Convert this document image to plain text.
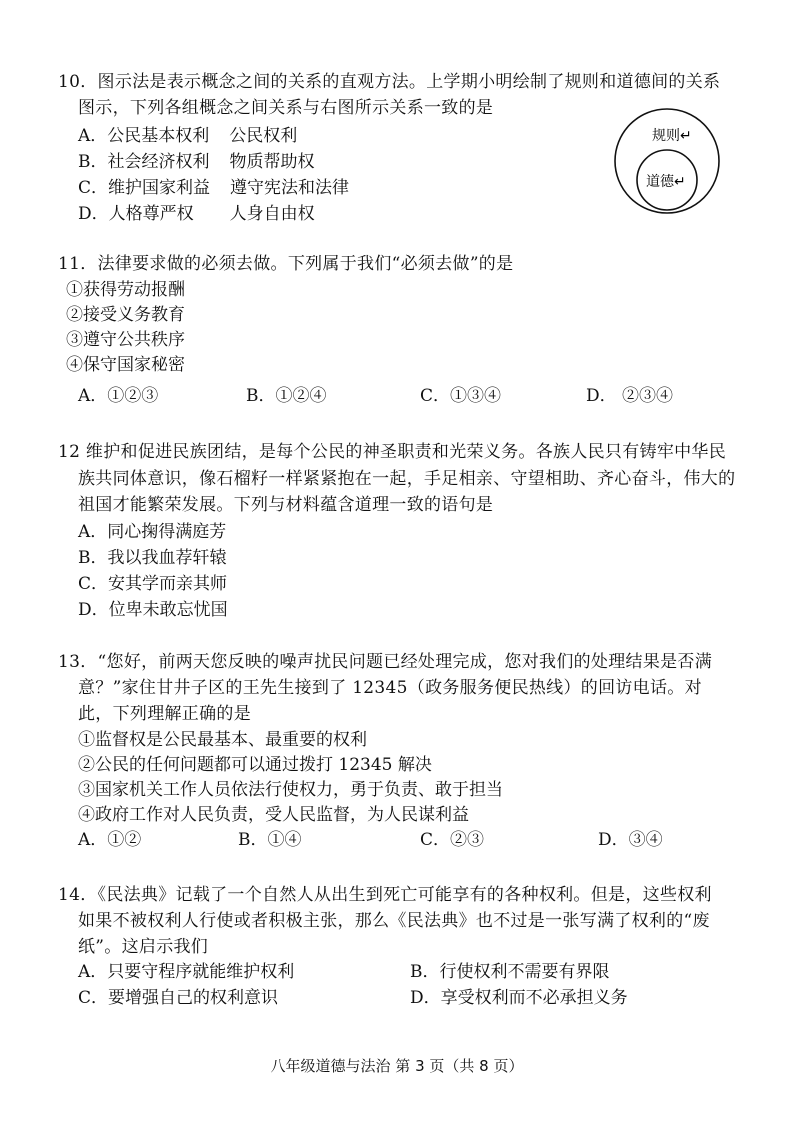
10．图示法是表示概念之间的关系的直观方法。上学期小明绘制了规则和道德间的关系
图示，下列各组概念之间关系与右图所示关系一致的是
A．公民基本权利 公民权利
B．社会经济权利 物质帮助权
C．维护国家利益 遵守宪法和法律
D．人格尊严权 人身自由权
规则↵
道德↵
11．法律要求做的必须去做。下列属于我们“必须去做”的是
①获得劳动报酬
②接受义务教育
③遵守公共秩序
④保守国家秘密
A．①②③	B．①②④	C．①③④	D． ②③④
12 维护和促进民族团结，是每个公民的神圣职责和光荣义务。各族人民只有铸牢中华民
族共同体意识，像石榴籽一样紧紧抱在一起，手足相亲、守望相助、齐心奋斗，伟大的
祖国才能繁荣发展。下列与材料蕴含道理一致的语句是
A．同心掬得满庭芳
B．我以我血荐轩辕
C．安其学而亲其师
D．位卑未敢忘忧国
13．“您好，前两天您反映的噪声扰民问题已经处理完成，您对我们的处理结果是否满
意？”家住甘井子区的王先生接到了 12345（政务服务便民热线）的回访电话。对
此，下列理解正确的是
①监督权是公民最基本、最重要的权利
②公民的任何问题都可以通过拨打 12345 解决
③国家机关工作人员依法行使权力，勇于负责、敢于担当
④政府工作对人民负责，受人民监督，为人民谋利益
A．①②	B．①④	C．②③	D．③④
14．《民法典》记载了一个自然人从出生到死亡可能享有的各种权利。但是，这些权利
如果不被权利人行使或者积极主张，那么《民法典》也不过是一张写满了权利的“废
纸”。这启示我们
A．只要守程序就能维护权利	B．行使权利不需要有界限
C．要增强自己的权利意识	D．享受权利而不必承担义务
八年级道德与法治 第 3 页（共 8 页）
